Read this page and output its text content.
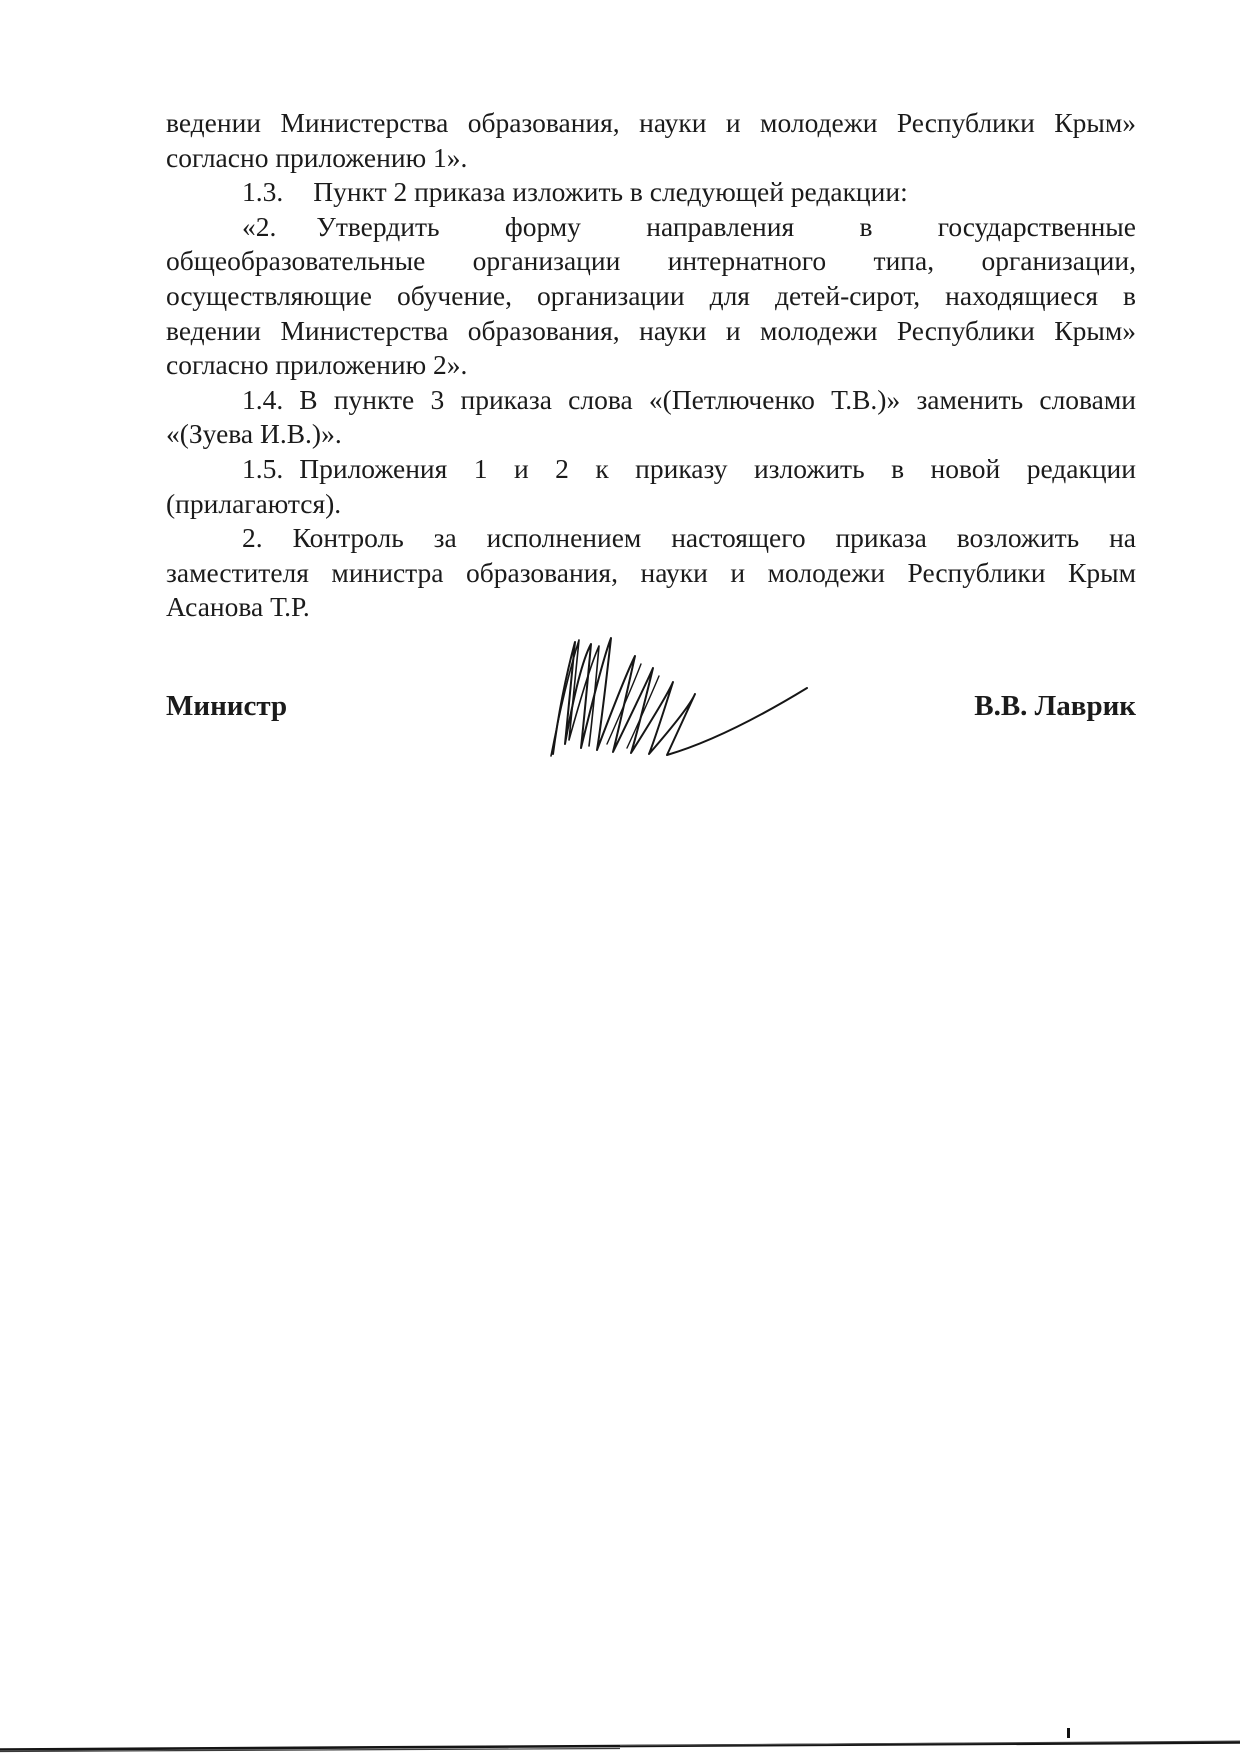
ведении Министерства образования, науки и молодежи Республики Крым»
согласно приложению 1».
1.3. Пункт 2 приказа изложить в следующей редакции:
«2. Утвердить форму направления в государственные
общеобразовательные организации интернатного типа, организации,
осуществляющие обучение, организации для детей-сирот, находящиеся в
ведении Министерства образования, науки и молодежи Республики Крым»
согласно приложению 2».
1.4. В пункте 3 приказа слова «(Петлюченко Т.В.)» заменить словами
«(Зуева И.В.)».
1.5. Приложения 1 и 2 к приказу изложить в новой редакции
(прилагаются).
2. Контроль за исполнением настоящего приказа возложить на
заместителя министра образования, науки и молодежи Республики Крым
Асанова Т.Р.
Министр	В.В. Лаврик
